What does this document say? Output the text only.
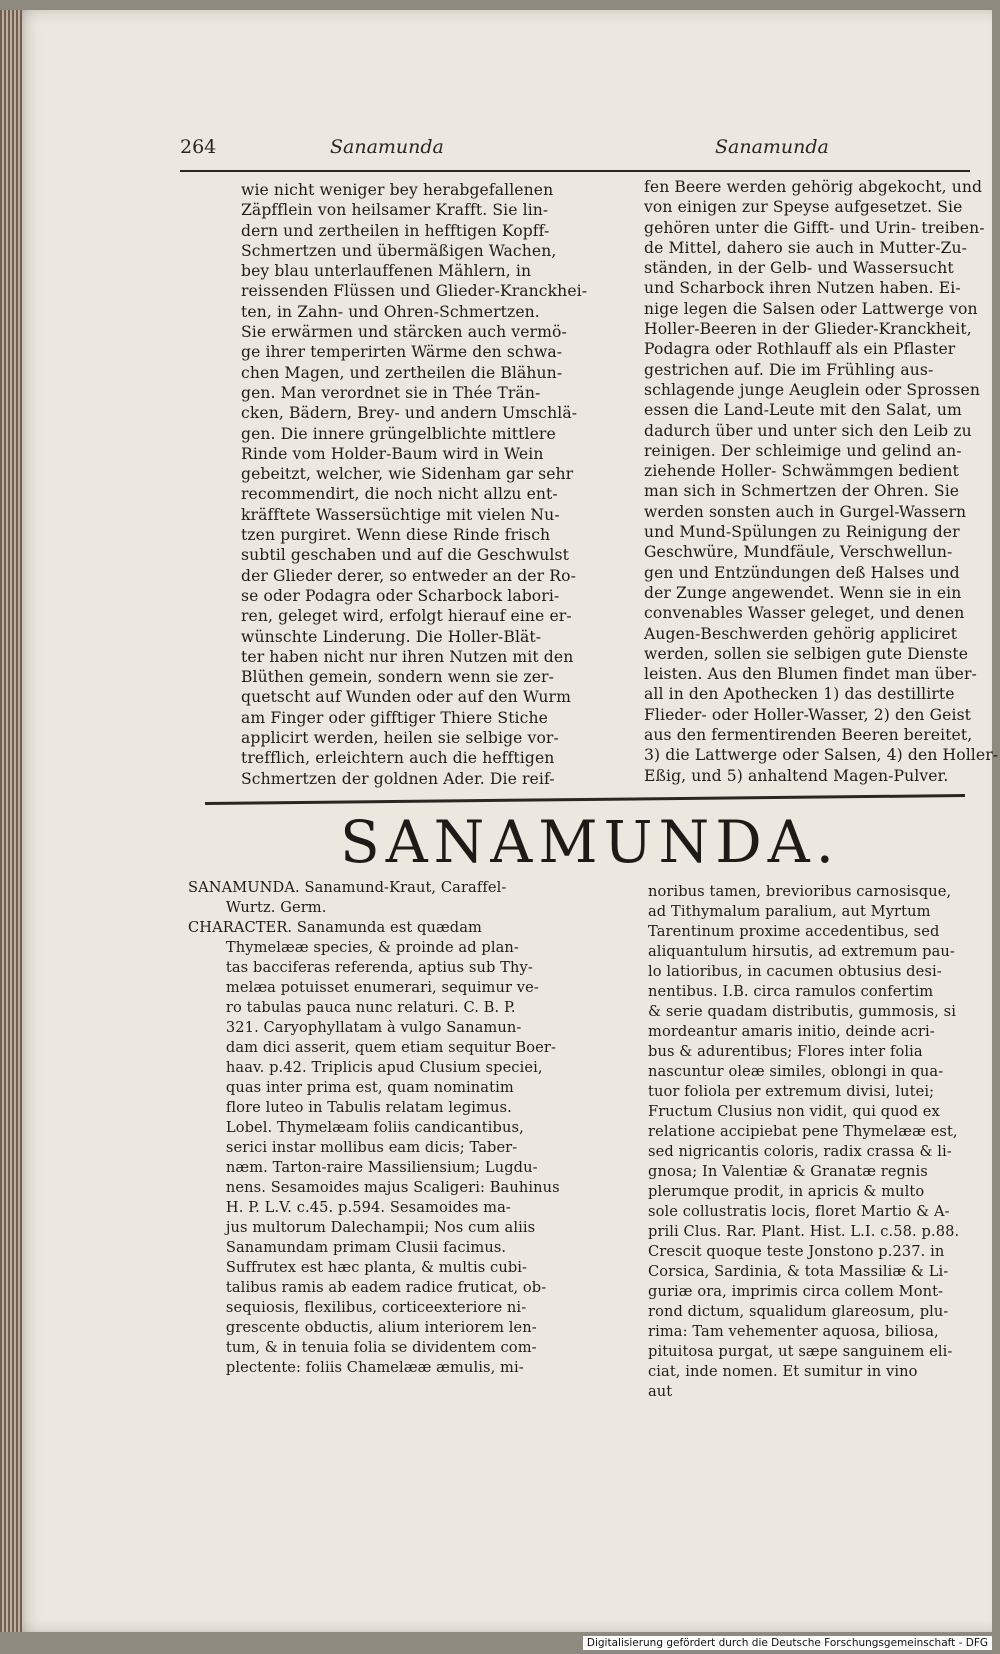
264	Sanamunda	Sanamunda
wie nicht weniger bey herabgefallenen
Zäpfflein von heilsamer Krafft. Sie lin-
dern und zertheilen in hefftigen Kopff-
Schmertzen und übermäßigen Wachen,
bey blau unterlauffenen Mählern, in
reissenden Flüssen und Glieder-Kranckhei-
ten, in Zahn- und Ohren-Schmertzen.
Sie erwärmen und stärcken auch vermö-
ge ihrer temperirten Wärme den schwa-
chen Magen, und zertheilen die Blähun-
gen. Man verordnet sie in Thée Trän-
cken, Bädern, Brey- und andern Umschlä-
gen. Die innere grüngelblichte mittlere
Rinde vom Holder-Baum wird in Wein
gebeitzt, welcher, wie Sidenham gar sehr
recommendirt, die noch nicht allzu ent-
kräfftete Wassersüchtige mit vielen Nu-
tzen purgiret. Wenn diese Rinde frisch
subtil geschaben und auf die Geschwulst
der Glieder derer, so entweder an der Ro-
se oder Podagra oder Scharbock labori-
ren, geleget wird, erfolgt hierauf eine er-
wünschte Linderung. Die Holler-Blät-
ter haben nicht nur ihren Nutzen mit den
Blüthen gemein, sondern wenn sie zer-
quetscht auf Wunden oder auf den Wurm
am Finger oder gifftiger Thiere Stiche
applicirt werden, heilen sie selbige vor-
trefflich, erleichtern auch die hefftigen
Schmertzen der goldnen Ader. Die reif-
fen Beere werden gehörig abgekocht, und
von einigen zur Speyse aufgesetzet. Sie
gehören unter die Gifft- und Urin- treiben-
de Mittel, dahero sie auch in Mutter-Zu-
ständen, in der Gelb- und Wassersucht
und Scharbock ihren Nutzen haben. Ei-
nige legen die Salsen oder Lattwerge von
Holler-Beeren in der Glieder-Kranckheit,
Podagra oder Rothlauff als ein Pflaster
gestrichen auf. Die im Frühling aus-
schlagende junge Aeuglein oder Sprossen
essen die Land-Leute mit den Salat, um
dadurch über und unter sich den Leib zu
reinigen. Der schleimige und gelind an-
ziehende Holler- Schwämmgen bedient
man sich in Schmertzen der Ohren. Sie
werden sonsten auch in Gurgel-Wassern
und Mund-Spülungen zu Reinigung der
Geschwüre, Mundfäule, Verschwellun-
gen und Entzündungen deß Halses und
der Zunge angewendet. Wenn sie in ein
convenables Wasser geleget, und denen
Augen-Beschwerden gehörig appliciret
werden, sollen sie selbigen gute Dienste
leisten. Aus den Blumen findet man über-
all in den Apothecken 1) das destillirte
Flieder- oder Holler-Wasser, 2) den Geist
aus den fermentirenden Beeren bereitet,
3) die Lattwerge oder Salsen, 4) den Holler-
Eßig, und 5) anhaltend Magen-Pulver.
SANAMUNDA.
SANAMUNDA. Sanamund-Kraut, Caraffel-
Wurtz. Germ.
CHARACTER. Sanamunda est quædam
Thymelææ species, & proinde ad plan-
tas bacciferas referenda, aptius sub Thy-
melæa potuisset enumerari, sequimur ve-
ro tabulas pauca nunc relaturi. C. B. P.
321. Caryophyllatam à vulgo Sanamun-
dam dici asserit, quem etiam sequitur Boer-
haav. p.42. Triplicis apud Clusium speciei,
quas inter prima est, quam nominatim
flore luteo in Tabulis relatam legimus.
Lobel. Thymelæam foliis candicantibus,
serici instar mollibus eam dicis; Taber-
næm. Tarton-raire Massiliensium; Lugdu-
nens. Sesamoides majus Scaligeri: Bauhinus
H. P. L.V. c.45. p.594. Sesamoides ma-
jus multorum Dalechampii; Nos cum aliis
Sanamundam primam Clusii facimus.
Suffrutex est hæc planta, & multis cubi-
talibus ramis ab eadem radice fruticat, ob-
sequiosis, flexilibus, corticeexteriore ni-
grescente obductis, alium interiorem len-
tum, & in tenuia folia se dividentem com-
plectente: foliis Chamelææ æmulis, mi-
noribus tamen, brevioribus carnosisque,
ad Tithymalum paralium, aut Myrtum
Tarentinum proxime accedentibus, sed
aliquantulum hirsutis, ad extremum pau-
lo latioribus, in cacumen obtusius desi-
nentibus. I.B. circa ramulos confertim
& serie quadam distributis, gummosis, si
mordeantur amaris initio, deinde acri-
bus & adurentibus; Flores inter folia
nascuntur oleæ similes, oblongi in qua-
tuor foliola per extremum divisi, lutei;
Fructum Clusius non vidit, qui quod ex
relatione accipiebat pene Thymelææ est,
sed nigricantis coloris, radix crassa & li-
gnosa; In Valentiæ & Granatæ regnis
plerumque prodit, in apricis & multo
sole collustratis locis, floret Martio & A-
prili Clus. Rar. Plant. Hist. L.I. c.58. p.88.
Crescit quoque teste Jonstono p.237. in
Corsica, Sardinia, & tota Massiliæ & Li-
guriæ ora, imprimis circa collem Mont-
rond dictum, squalidum glareosum, plu-
rima: Tam vehementer aquosa, biliosa,
pituitosa purgat, ut sæpe sanguinem eli-
ciat, inde nomen. Et sumitur in vino
aut
Digitalisierung gefördert durch die Deutsche Forschungsgemeinschaft - DFG
